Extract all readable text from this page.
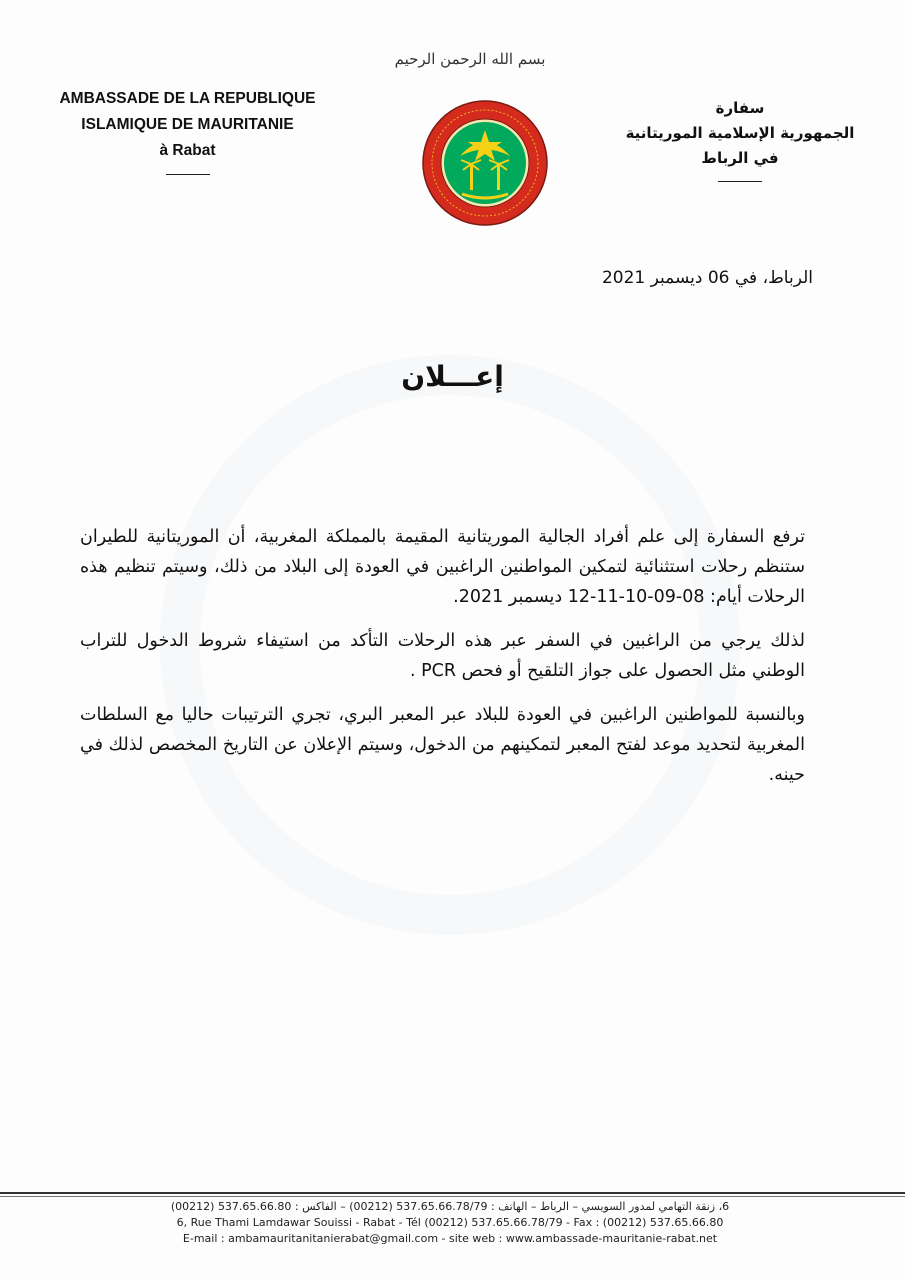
AMBASSADE DE LA REPUBLIQUE
ISLAMIQUE DE MAURITANIE
à Rabat
بسم الله الرحمن الرحيم
سفارة
الجمهورية الإسلامية الموريتانية
في الرباط
الرباط، في 06 ديسمبر 2021
إعـــلان

ترفع السفارة إلى علم أفراد الجالية الموريتانية المقيمة بالمملكة المغربية، أن الموريتانية للطيران ستنظم رحلات استثنائية لتمكين المواطنين الراغبين في العودة إلى البلاد من ذلك، وسيتم تنظيم هذه الرحلات أيام: 08-09-10-11-12 ديسمبر 2021.

لذلك يرجي من الراغبين في السفر عبر هذه الرحلات التأكد من استيفاء شروط الدخول للتراب الوطني مثل الحصول على جواز التلقيح أو فحص PCR .

وبالنسبة للمواطنين الراغبين في العودة للبلاد عبر المعبر البري، تجري الترتيبات حاليا مع السلطات المغربية لتحديد موعد لفتح المعبر لتمكينهم من الدخول، وسيتم الإعلان عن التاريخ المخصص لذلك في حينه.

6، زنقة التهامي لمدور السويسي – الرباط – الهاتف : 537.65.66.78/79 (00212) – الفاكس : 537.65.66.80 (00212)
6, Rue Thami Lamdawar Souissi - Rabat - Tél (00212) 537.65.66.78/79 - Fax : (00212) 537.65.66.80
E-mail : ambamauritanitanierabat@gmail.com - site web : www.ambassade-mauritanie-rabat.net
